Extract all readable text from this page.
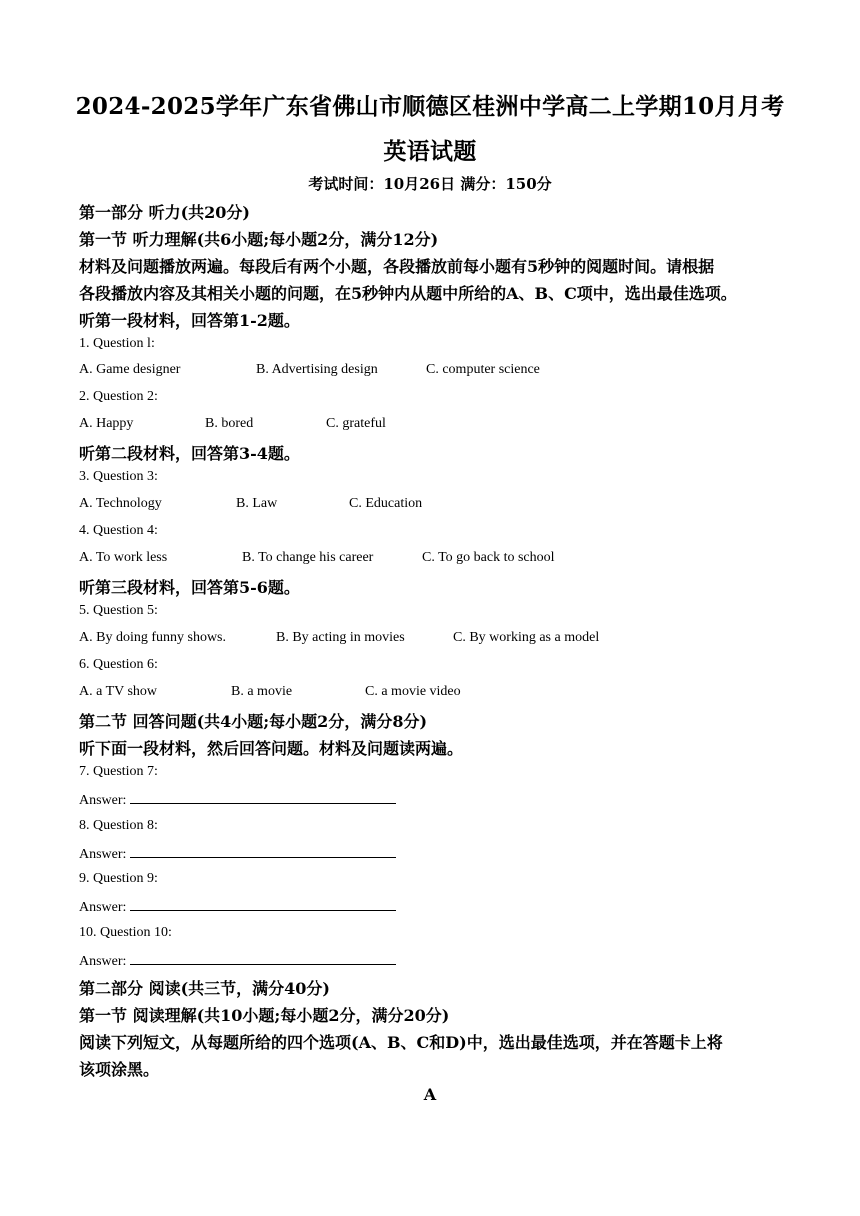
2024-2025学年广东省佛山市顺德区桂洲中学高二上学期10月月考
英语试题
考试时间：10月26日 满分：150分
第一部分 听力(共20分)
第一节 听力理解(共6小题;每小题2分，满分12分)
材料及问题播放两遍。每段后有两个小题，各段播放前每小题有5秒钟的阅题时间。请根据
各段播放内容及其相关小题的问题，在5秒钟内从题中所给的A、B、C项中，选出最佳选项。
听第一段材料，回答第1-2题。
1. Question l:
A. Game designer	B. Advertising design	C. computer science
2. Question 2:
A. Happy	B. bored	C. grateful
听第二段材料，回答第3-4题。
3. Question 3:
A. Technology	B. Law	C. Education
4. Question 4:
A. To work less	B. To change his career	C. To go back to school
听第三段材料，回答第5-6题。
5. Question 5:
A. By doing funny shows.	B. By acting in movies	C. By working as a model
6. Question 6:
A. a TV show	B. a movie	C. a movie video
第二节 回答问题(共4小题;每小题2分，满分8分)
听下面一段材料，然后回答问题。材料及问题读两遍。
7. Question 7:
Answer:
8. Question 8:
Answer:
9. Question 9:
Answer:
10. Question 10:
Answer:
第二部分 阅读(共三节，满分40分)
第一节 阅读理解(共10小题;每小题2分，满分20分)
阅读下列短文，从每题所给的四个选项(A、B、C和D)中，选出最佳选项，并在答题卡上将
该项涂黑。
A
